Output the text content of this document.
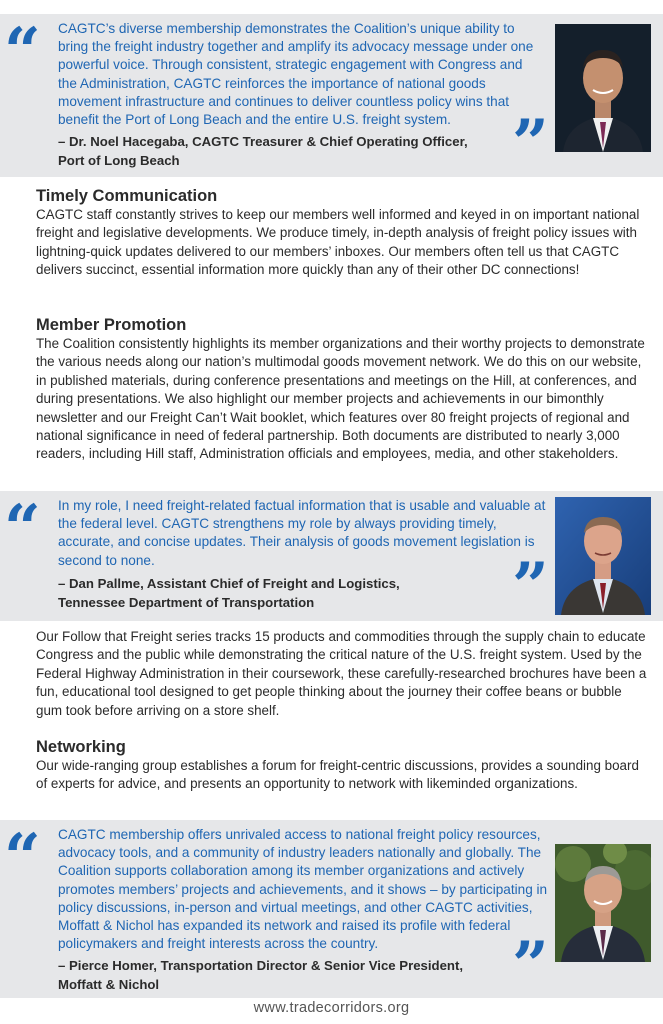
“ CAGTC’s diverse membership demonstrates the Coalition’s unique ability to bring the freight industry together and amplify its advocacy message under one powerful voice. Through consistent, strategic engagement with Congress and the Administration, CAGTC reinforces the importance of national goods movement infrastructure and continues to deliver countless policy wins that benefit the Port of Long Beach and the entire U.S. freight system. ”
– Dr. Noel Hacegaba, CAGTC Treasurer & Chief Operating Officer,
Port of Long Beach
Timely Communication

CAGTC staff constantly strives to keep our members well informed and keyed in on important national freight and legislative developments. We produce timely, in-depth analysis of freight policy issues with lightning-quick updates delivered to our members’ inboxes. Our members often tell us that CAGTC delivers succinct, essential information more quickly than any of their other DC connections!

Member Promotion

The Coalition consistently highlights its member organizations and their worthy projects to demonstrate the various needs along our nation’s multimodal goods movement network. We do this on our website, in published materials, during conference presentations and meetings on the Hill, at conferences, and during presentations. We also highlight our member projects and achievements in our bimonthly newsletter and our Freight Can’t Wait booklet, which features over 80 freight projects of regional and national significance in need of federal partnership. Both documents are distributed to nearly 3,000 readers, including Hill staff, Administration officials and employees, media, and other stakeholders.

“ In my role, I need freight-related factual information that is usable and valuable at the federal level. CAGTC strengthens my role by always providing timely, accurate, and concise updates. Their analysis of goods movement legislation is second to none.	”
– Dan Pallme, Assistant Chief of Freight and Logistics,
Tennessee Department of Transportation

Our Follow that Freight series tracks 15 products and commodities through the supply chain to educate Congress and the public while demonstrating the critical nature of the U.S. freight system. Used by the Federal Highway Administration in their coursework, these carefully-researched brochures have been a fun, educational tool designed to get people thinking about the journey their coffee beans or bubble gum took before arriving on a store shelf.

Networking

Our wide-ranging group establishes a forum for freight-centric discussions, provides a sounding board of experts for advice, and presents an opportunity to network with likeminded organizations.

“ CAGTC membership offers unrivaled access to national freight policy resources, advocacy tools, and a community of industry leaders nationally and globally. The Coalition supports collaboration among its member organizations and actively promotes members’ projects and achievements, and it shows – by participating in policy discussions, in-person and virtual meetings, and other CAGTC activities, Moffatt & Nichol has expanded its network and raised its profile with federal policymakers and freight interests across the country.	”
– Pierce Homer, Transportation Director & Senior Vice President,
Moffatt & Nichol
www.tradecorridors.org
